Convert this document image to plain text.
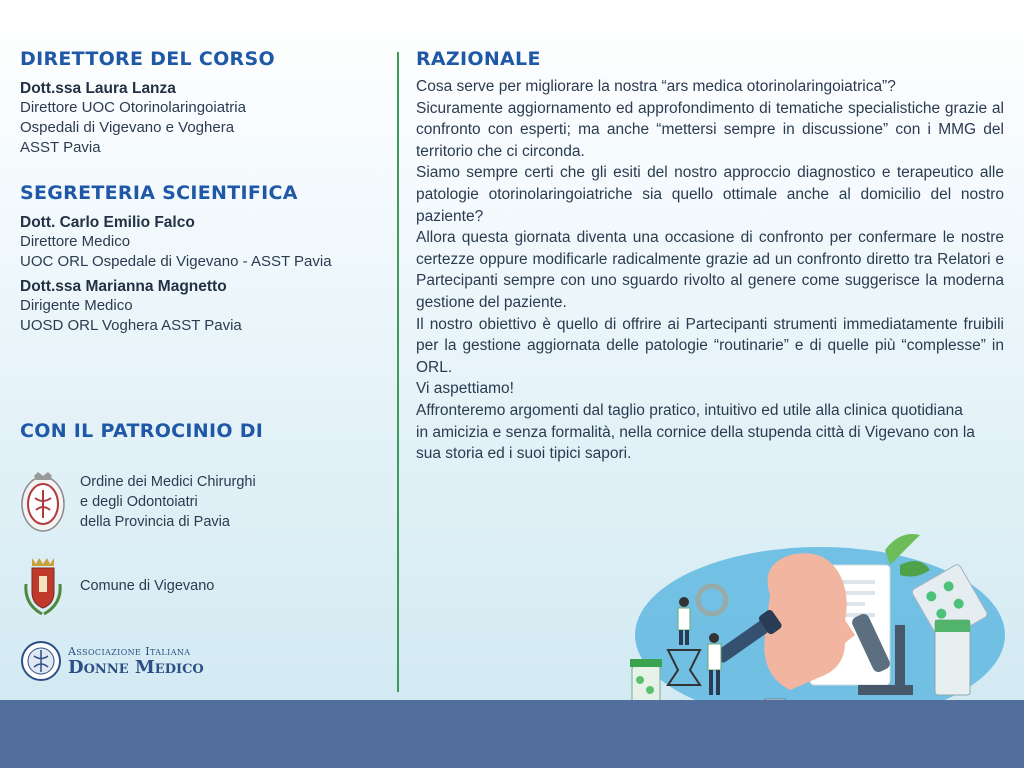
DIRETTORE DEL CORSO
Dott.ssa Laura Lanza
Direttore UOC Otorinolaringoiatria
Ospedali di Vigevano e Voghera
ASST Pavia
SEGRETERIA SCIENTIFICA
Dott. Carlo Emilio Falco
Direttore Medico
UOC ORL Ospedale di Vigevano - ASST Pavia
Dott.ssa Marianna Magnetto
Dirigente Medico
UOSD ORL Voghera ASST Pavia
CON IL PATROCINIO DI
Ordine dei Medici Chirurghi
e degli Odontoiatri
della Provincia di Pavia
Comune di Vigevano
Associazione Italiana
Donne Medico
RAZIONALE

Cosa serve per migliorare la nostra “ars medica otorinolaringoiatrica”?

Sicuramente aggiornamento ed approfondimento di tematiche specialistiche grazie al confronto con esperti; ma anche “mettersi sempre in discussione” con i MMG del territorio che ci circonda.

Siamo sempre certi che gli esiti del nostro approccio diagnostico e terapeutico alle patologie otorinolaringoiatriche sia quello ottimale anche al domicilio del nostro paziente?

Allora questa giornata diventa una occasione di confronto per confermare le nostre certezze oppure modificarle radicalmente grazie ad un confronto diretto tra Relatori e Partecipanti sempre con uno sguardo rivolto al genere come suggerisce la moderna gestione del paziente.

Il nostro obiettivo è quello di offrire ai Partecipanti strumenti immediatamente fruibili per la gestione aggiornata delle patologie “routinarie” e di quelle più “complesse” in ORL.

Vi aspettiamo!

Affronteremo argomenti dal taglio pratico, intuitivo ed utile alla clinica quotidiana

in amicizia e senza formalità, nella cornice della stupenda città di Vigevano con la sua storia ed i suoi tipici sapori.
